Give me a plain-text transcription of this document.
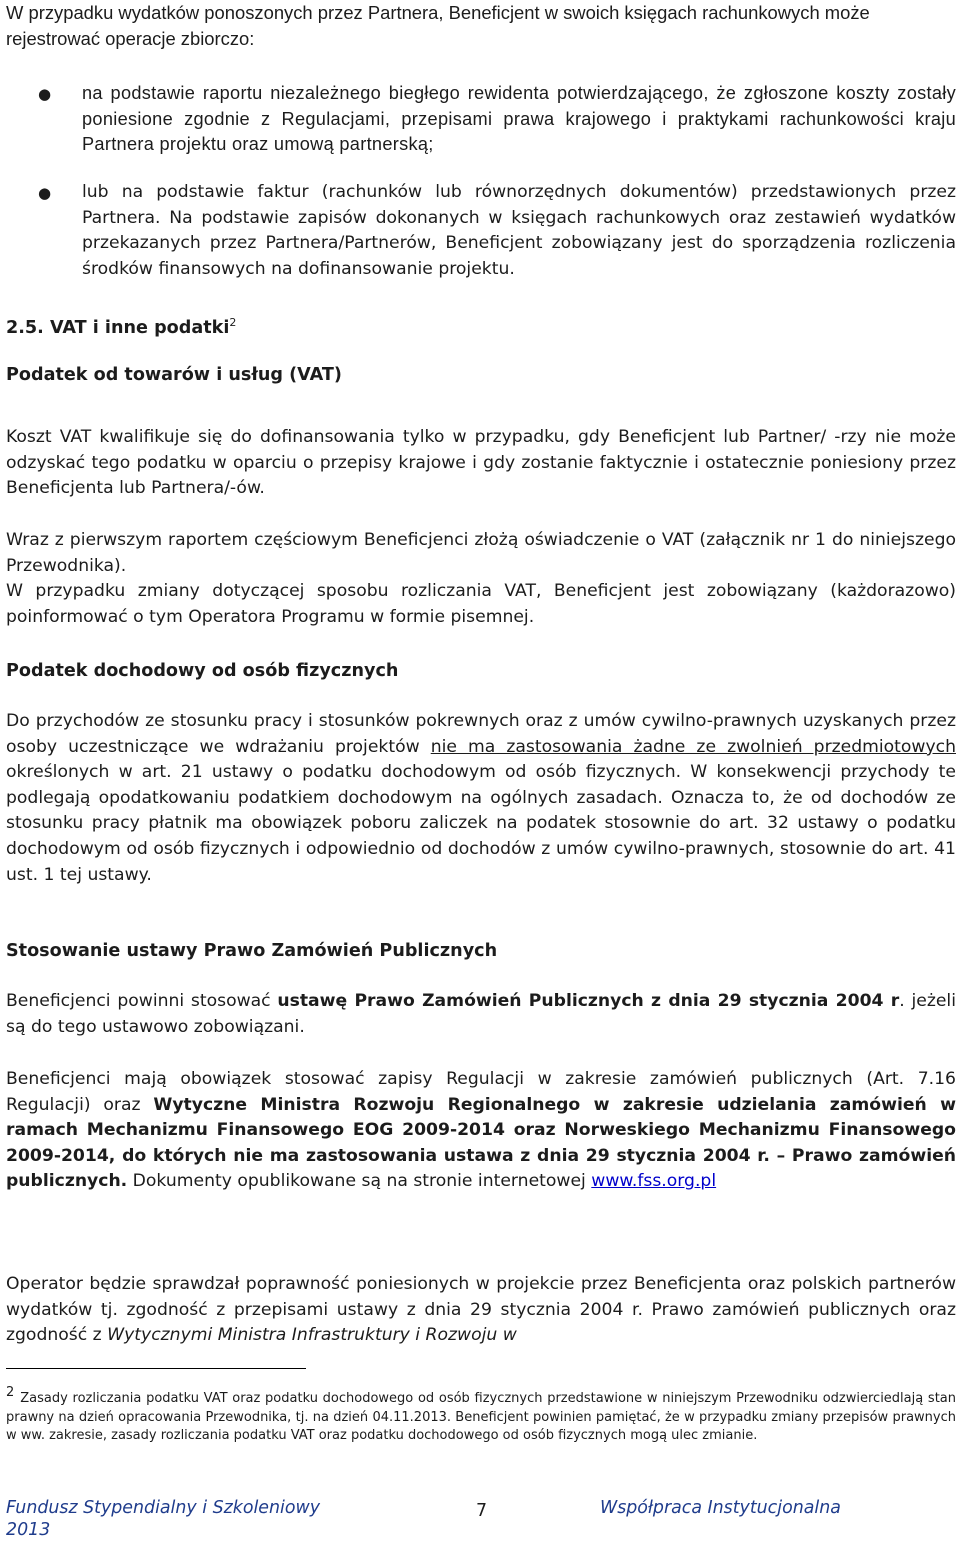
W przypadku wydatków ponoszonych przez Partnera, Beneficjent w swoich księgach rachunkowych może rejestrować operacje zbiorczo:

● na podstawie raportu niezależnego biegłego rewidenta potwierdzającego, że zgłoszone koszty zostały poniesione zgodnie z Regulacjami, przepisami prawa krajowego i praktykami rachunkowości kraju Partnera projektu oraz umową partnerską;

● lub na podstawie faktur (rachunków lub równorzędnych dokumentów) przedstawionych przez Partnera. Na podstawie zapisów dokonanych w księgach rachunkowych oraz zestawień wydatków przekazanych przez Partnera/Partnerów, Beneficjent zobowiązany jest do sporządzenia rozliczenia środków finansowych na dofinansowanie projektu.

2.5. VAT i inne podatki$^2$
Podatek od towarów i usług (VAT)

Koszt VAT kwalifikuje się do dofinansowania tylko w przypadku, gdy Beneficjent lub Partner/ -rzy nie może odzyskać tego podatku w oparciu o przepisy krajowe i gdy zostanie faktycznie i ostatecznie poniesiony przez Beneficjenta lub Partnera/-ów.

Wraz z pierwszym raportem częściowym Beneficjenci złożą oświadczenie o VAT (załącznik nr 1 do niniejszego Przewodnika).

W przypadku zmiany dotyczącej sposobu rozliczania VAT, Beneficjent jest zobowiązany (każdorazowo) poinformować o tym Operatora Programu w formie pisemnej.

Podatek dochodowy od osób fizycznych

Do przychodów ze stosunku pracy i stosunków pokrewnych oraz z umów cywilno-prawnych uzyskanych przez osoby uczestniczące we wdrażaniu projektów nie ma zastosowania żadne ze zwolnień przedmiotowych określonych w art. 21 ustawy o podatku dochodowym od osób fizycznych. W konsekwencji przychody te podlegają opodatkowaniu podatkiem dochodowym na ogólnych zasadach. Oznacza to, że od dochodów ze stosunku pracy płatnik ma obowiązek poboru zaliczek na podatek stosownie do art. 32 ustawy o podatku dochodowym od osób fizycznych i odpowiednio od dochodów z umów cywilno-prawnych, stosownie do art. 41 ust. 1 tej ustawy.

Stosowanie ustawy Prawo Zamówień Publicznych

Beneficjenci powinni stosować ustawę Prawo Zamówień Publicznych z dnia 29 stycznia 2004 r. jeżeli są do tego ustawowo zobowiązani.

Beneficjenci mają obowiązek stosować zapisy Regulacji w zakresie zamówień publicznych (Art. 7.16 Regulacji) oraz Wytyczne Ministra Rozwoju Regionalnego w zakresie udzielania zamówień w ramach Mechanizmu Finansowego EOG 2009-2014 oraz Norweskiego Mechanizmu Finansowego 2009-2014, do których nie ma zastosowania ustawa z dnia 29 stycznia 2004 r. – Prawo zamówień publicznych. Dokumenty opublikowane są na stronie internetowej www.fss.org.pl

Operator będzie sprawdzał poprawność poniesionych w projekcie przez Beneficjenta oraz polskich partnerów wydatków tj. zgodność z przepisami ustawy z dnia 29 stycznia 2004 r. Prawo zamówień publicznych oraz zgodność z Wytycznymi Ministra Infrastruktury i Rozwoju w

2 Zasady rozliczania podatku VAT oraz podatku dochodowego od osób fizycznych przedstawione w niniejszym Przewodniku odzwierciedlają stan prawny na dzień opracowania Przewodnika, tj. na dzień 04.11.2013. Beneficjent powinien pamiętać, że w przypadku zmiany przepisów prawnych w ww. zakresie, zasady rozliczania podatku VAT oraz podatku dochodowego od osób fizycznych mogą ulec zmianie.

Fundusz Stypendialny i Szkoleniowy 2013
7	Współpraca Instytucjonalna
